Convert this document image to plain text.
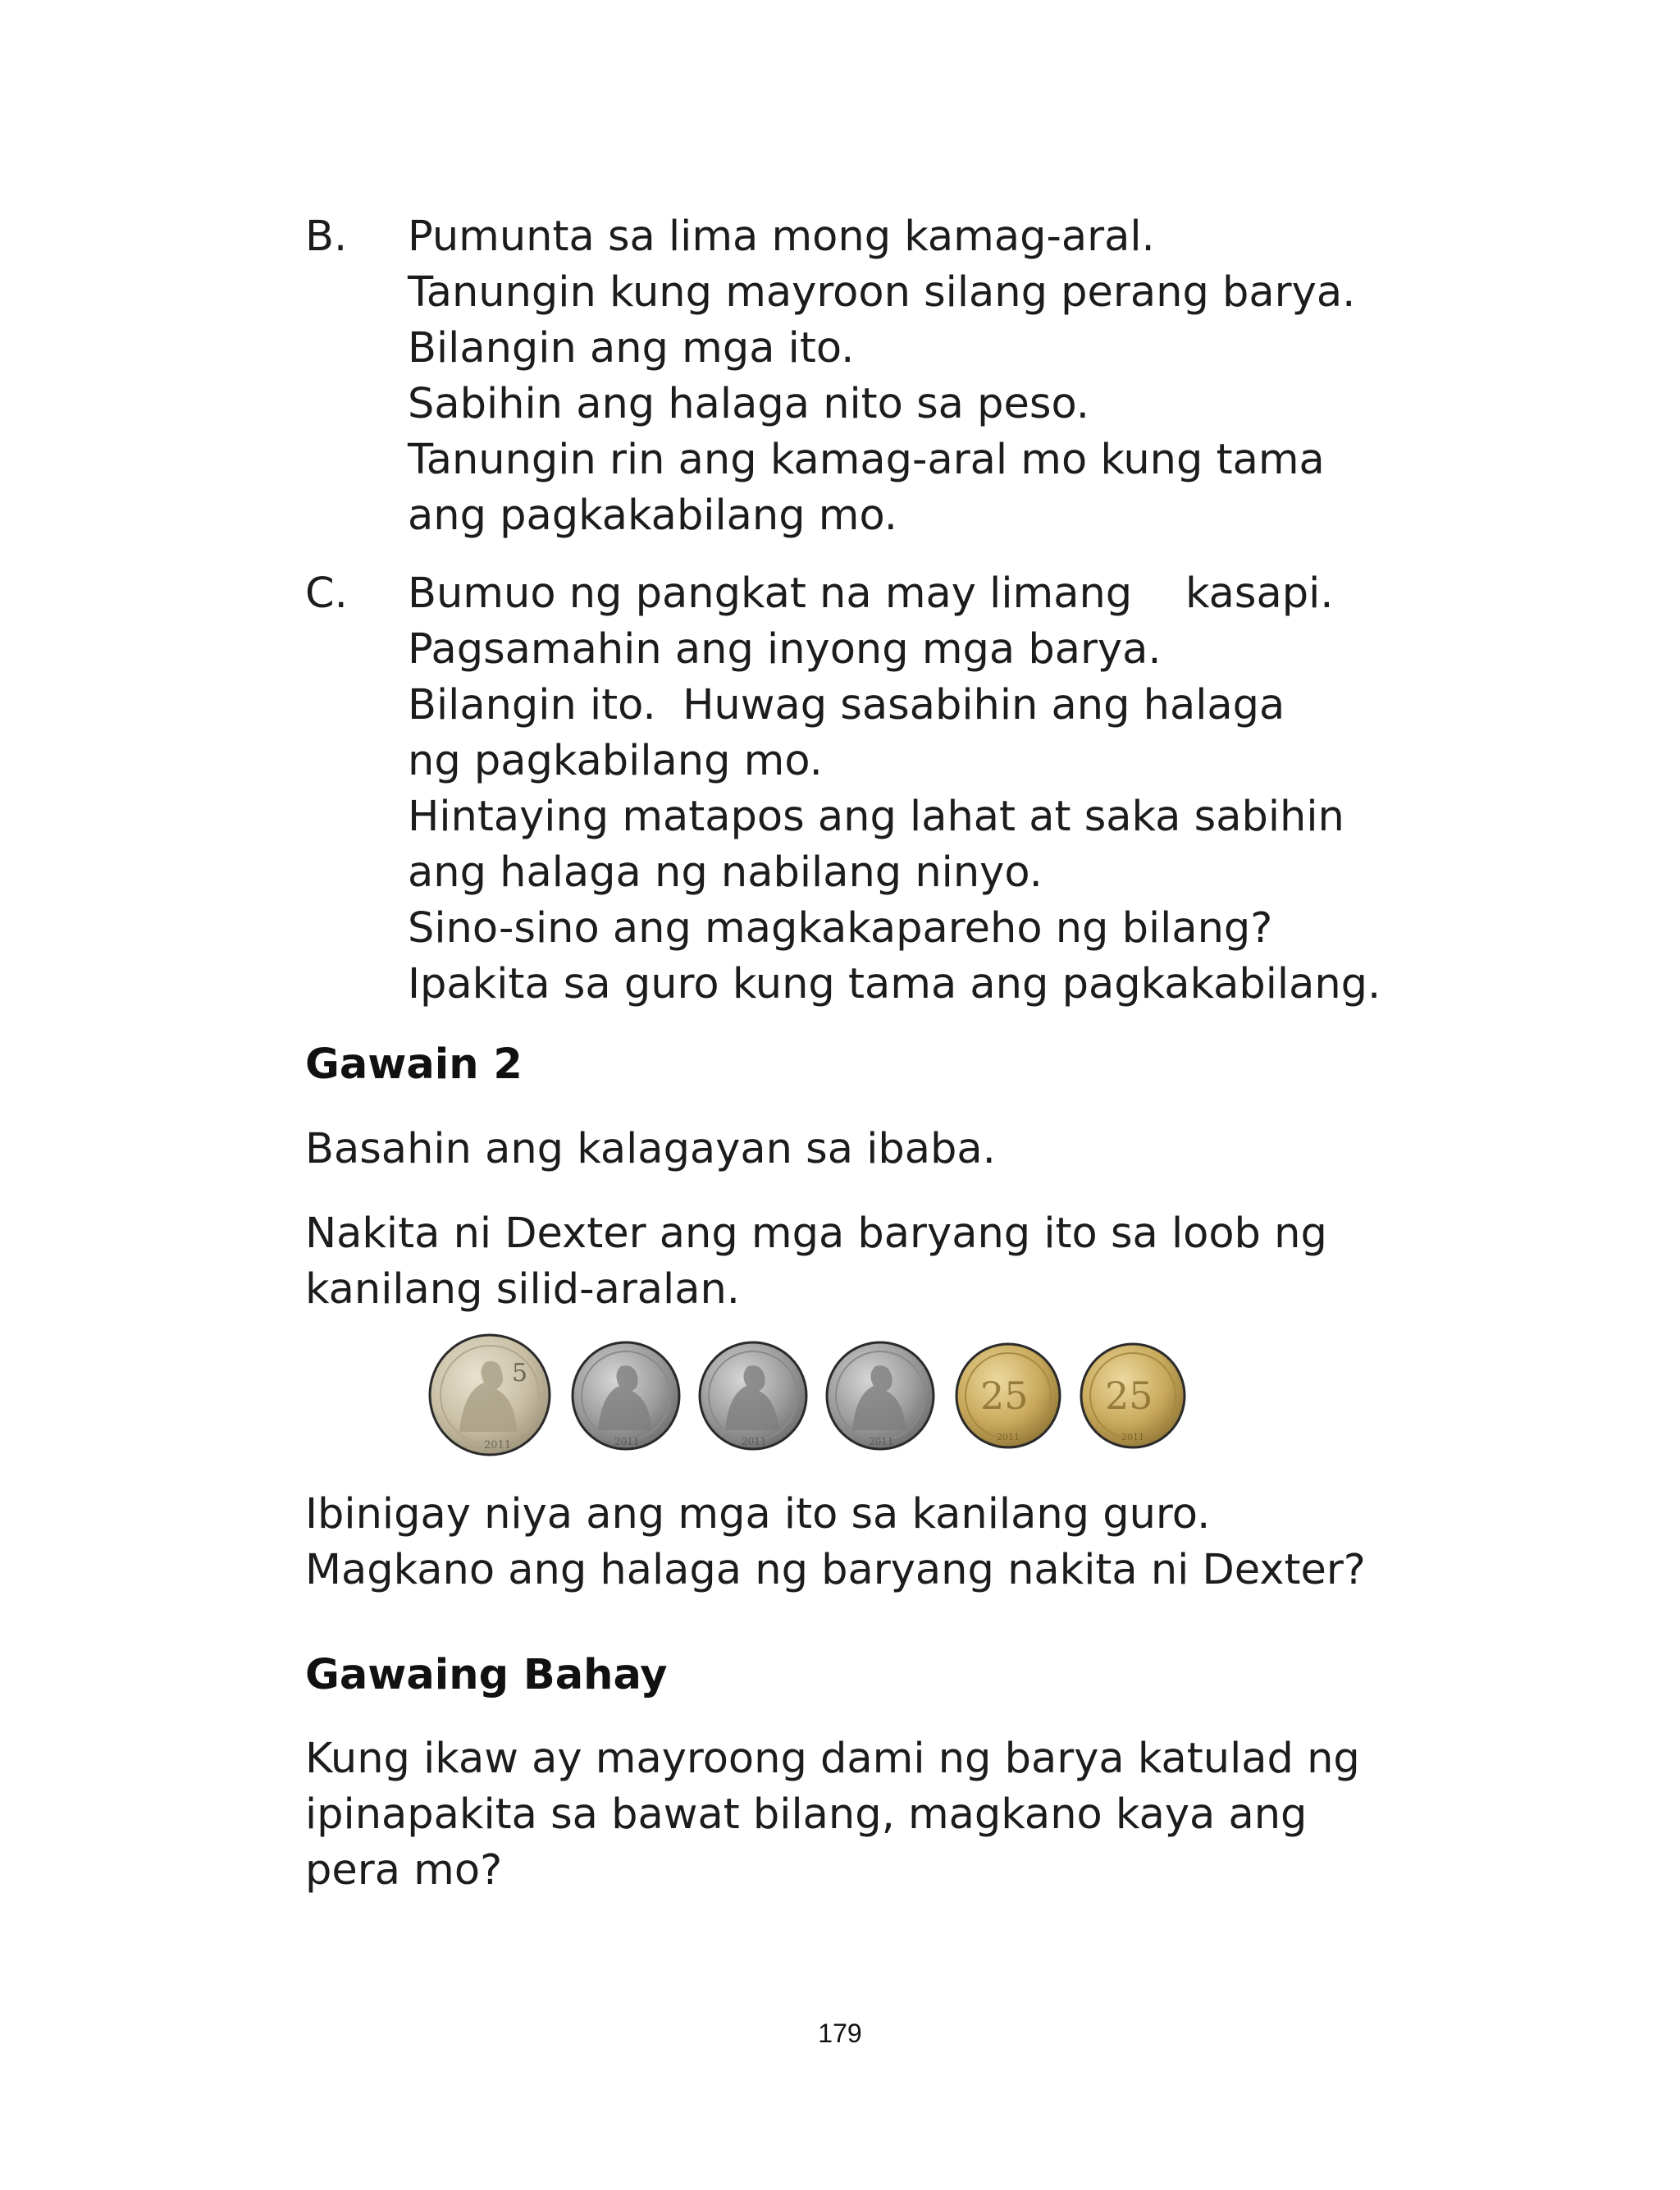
B. Pumunta sa lima mong kamag-aral.
Tanungin kung mayroon silang perang barya.
Bilangin ang mga ito.
Sabihin ang halaga nito sa peso.
Tanungin rin ang kamag-aral mo kung tama
ang pagkakabilang mo.
C. Bumuo ng pangkat na may limang    kasapi.
Pagsamahin ang inyong mga barya.
Bilangin ito.  Huwag sasabihin ang halaga
ng pagkabilang mo.
Hintaying matapos ang lahat at saka sabihin
ang halaga ng nabilang ninyo.
Sino-sino ang magkakapareho ng bilang?
Ipakita sa guro kung tama ang pagkakabilang.
Gawain 2
Basahin ang kalagayan sa ibaba.
Nakita ni Dexter ang mga baryang ito sa loob ng
kanilang silid-aralan.
5
2011	2011	2011	2011
25
2011
25
2011
Ibinigay niya ang mga ito sa kanilang guro.
Magkano ang halaga ng baryang nakita ni Dexter?
Gawaing Bahay
Kung ikaw ay mayroong dami ng barya katulad ng
ipinapakita sa bawat bilang, magkano kaya ang
pera mo?
179
